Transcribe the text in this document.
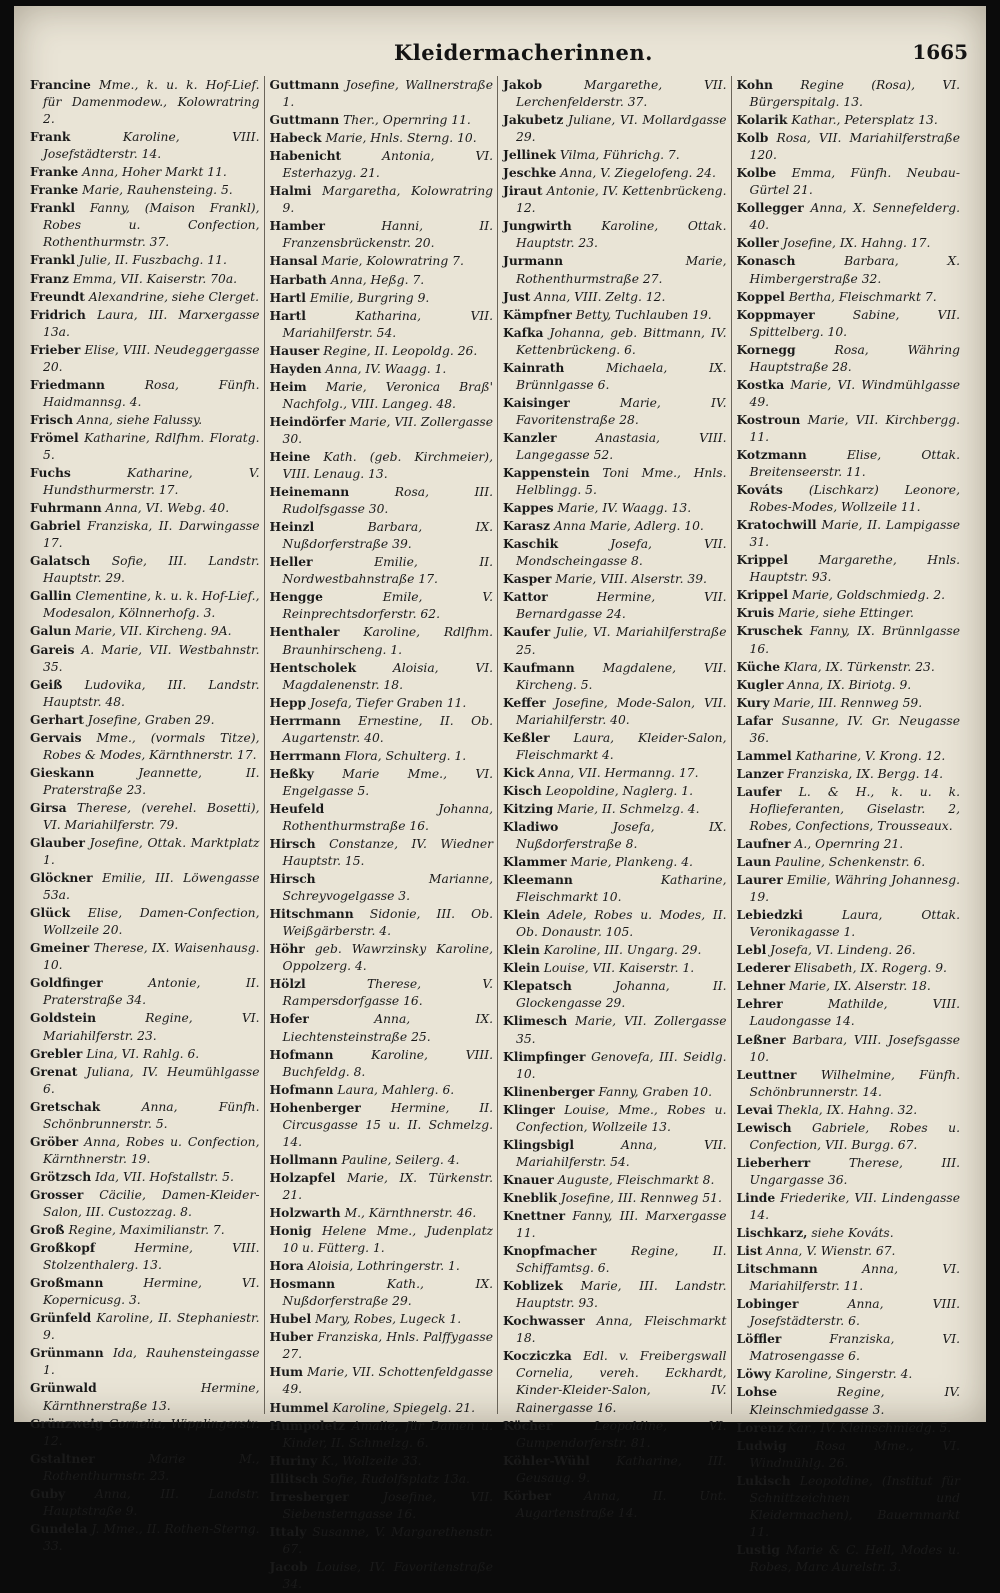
Kleidermacherinnen.	1665

Francine Mme., k. u. k. Hof-Lief. für Damenmodew., Kolowratring 2.

Frank	Karoline, VIII. Josefstädterstr. 14.

Franke Anna, Hoher Markt 11.

Franke Marie, Rauhensteing. 5.

Frankl Fanny, (Maison Frankl), Robes u. Confection, Rothenthurmstr. 37.

Frankl Julie, II. Fuszbachg. 11.

Franz Emma, VII. Kaiserstr. 70a.

Freundt Alexandrine, siehe Clerget.

Fridrich Laura, III. Marxergasse 13a.

Frieber Elise, VIII. Neudeggergasse 20.

Friedmann	Rosa, Fünfh. Haidmannsg. 4.

Frisch Anna, siehe Falussy.

Frömel Katharine, Rdlfhm. Floratg. 5.

Fuchs	Katharine, V. Hundsthurmerstr. 17.

Fuhrmann Anna, VI. Webg. 40.

Gabriel Franziska, II. Darwingasse 17.

Galatsch Sofie, III. Landstr. Hauptstr. 29.

Gallin Clementine, k. u. k. Hof-Lief., Modesalon, Kölnnerhofg. 3.

Galun Marie, VII. Kircheng. 9A.

Gareis A. Marie, VII. Westbahnstr. 35.

Geiß Ludovika, III. Landstr. Hauptstr. 48.

Gerhart Josefine, Graben 29.

Gervais Mme., (vormals Titze), Robes & Modes, Kärnthnerstr. 17.

Gieskann	Jeannette, II. Praterstraße 23.

Girsa Therese, (verehel. Bosetti), VI. Mariahilferstr. 79.

Glauber Josefine, Ottak. Marktplatz 1.

Glöckner Emilie, III. Löwengasse 53a.

Glück Elise, Damen-Confection, Wollzeile 20.

Gmeiner Therese, IX. Waisenhausg. 10.

Goldfinger	Antonie, II. Praterstraße 34.

Goldstein	Regine, VI. Mariahilferstr. 23.

Grebler Lina, VI. Rahlg. 6.

Grenat Juliana, IV. Heumühlgasse 6.

Gretschak	Anna, Fünfh. Schönbrunnerstr. 5.

Gröber Anna, Robes u. Confection, Kärnthnerstr. 19.

Grötzsch Ida, VII. Hofstallstr. 5.

Grosser Cäcilie, Damen-Kleider-Salon, III. Custozzag. 8.

Groß Regine, Maximilianstr. 7.

Großkopf	Hermine, VIII. Stolzenthalerg. 13.

Großmann	Hermine, VI. Kopernicusg. 3.

Grünfeld Karoline, II. Stephaniestr. 9.

Grünmann Ida, Rauhensteingasse 1.

Grünwald	Hermine, Kärnthnerstraße 13.

Grünzweig Cornelia, Wipplingerstr. 12.

Gstaltner	Marie M., Rothenthurmstr. 23.

Guby Anna, III. Landstr. Hauptstraße 9.

Gundela J. Mme., II. Rothen-Sterng. 33.

Guttmann Josefine, Wallnerstraße 1.

Guttmann Ther., Opernring 11.

Habeck Marie, Hnls. Sterng. 10.

Habenicht	Antonia, VI. Esterhazyg. 21.

Halmi Margaretha, Kolowratring 9.

Hamber	Hanni, II. Franzensbrückenstr. 20.

Hansal Marie, Kolowratring 7.

Harbath Anna, Heßg. 7.

Hartl Emilie, Burgring 9.

Hartl	Katharina, VII. Mariahilferstr. 54.

Hauser Regine, II. Leopoldg. 26.

Hayden Anna, IV. Waagg. 1.

Heim Marie, Veronica Braß' Nachfolg., VIII. Langeg. 48.

Heindörfer Marie, VII. Zollergasse 30.

Heine Kath. (geb. Kirchmeier), VIII. Lenaug. 13.

Heinemann	Rosa, III. Rudolfsgasse 30.

Heinzl	Barbara, IX. Nußdorferstraße 39.

Heller	Emilie, II. Nordwestbahnstraße 17.

Hengge	Emile, V. Reinprechtsdorferstr. 62.

Henthaler Karoline, Rdlfhm. Braunhirscheng. 1.

Hentscholek	Aloisia, VI. Magdalenenstr. 18.

Hepp Josefa, Tiefer Graben 11.

Herrmann Ernestine, II. Ob. Augartenstr. 40.

Herrmann Flora, Schulterg. 1.

Heßky Marie Mme., VI. Engelgasse 5.

Heufeld	Johanna, Rothenthurmstraße 16.

Hirsch Constanze, IV. Wiedner Hauptstr. 15.

Hirsch	Marianne, Schreyvogelgasse 3.

Hitschmann Sidonie, III. Ob. Weißgärberstr. 4.

Höhr geb. Wawrzinsky Karoline, Oppolzerg. 4.

Hölzl	Therese, V. Rampersdorfgasse 16.

Hofer	Anna, IX. Liechtensteinstraße 25.

Hofmann	Karoline, VIII. Buchfeldg. 8.

Hofmann Laura, Mahlerg. 6.

Hohenberger Hermine, II. Circusgasse 15 u. II. Schmelzg. 14.

Hollmann Pauline, Seilerg. 4.

Holzapfel Marie, IX. Türkenstr. 21.

Holzwarth M., Kärnthnerstr. 46.

Honig Helene Mme., Judenplatz 10 u. Fütterg. 1.

Hora Aloisia, Lothringerstr. 1.

Hosmann	Kath., IX. Nußdorferstraße 29.

Hubel Mary, Robes, Lugeck 1.

Huber Franziska, Hnls. Palffygasse 27.

Hum Marie, VII. Schottenfeldgasse 49.

Hummel Karoline, Spiegelg. 21.

Humpoletz Amalie, für Damen u. Kinder, II. Schmelzg. 6.

Huriny K., Wollzeile 33.

Illitsch Sofie, Rudolfsplatz 13a.

Irresberger	Josefine, VII. Siebensterngasse 16.

Ittaly Susanne, V. Margarethenstr. 67.

Jacob Louise, IV. Favoritenstraße 34.

Jakob	Margarethe, VII. Lerchenfelderstr. 37.

Jakubetz Juliane, VI. Mollardgasse 29.

Jellinek Vilma, Führichg. 7.

Jeschke Anna, V. Ziegelofeng. 24.

Jiraut Antonie, IV. Kettenbrückeng. 12.

Jungwirth Karoline, Ottak. Hauptstr. 23.

Jurmann	Marie, Rothenthurmstraße 27.

Just Anna, VIII. Zeltg. 12.

Kämpfner Betty, Tuchlauben 19.

Kafka Johanna, geb. Bittmann, IV. Kettenbrückeng. 6.

Kainrath	Michaela, IX. Brünnlgasse 6.

Kaisinger	Marie, IV. Favoritenstraße 28.

Kanzler	Anastasia, VIII. Langegasse 52.

Kappenstein Toni Mme., Hnls. Helblingg. 5.

Kappes Marie, IV. Waagg. 13.

Karasz Anna Marie, Adlerg. 10.

Kaschik	Josefa, VII. Mondscheingasse 8.

Kasper Marie, VIII. Alserstr. 39.

Kattor	Hermine, VII. Bernardgasse 24.

Kaufer Julie, VI. Mariahilferstraße 25.

Kaufmann Magdalene, VII. Kircheng. 5.

Keffer Josefine, Mode-Salon, VII. Mariahilferstr. 40.

Keßler Laura, Kleider-Salon, Fleischmarkt 4.

Kick Anna, VII. Hermanng. 17.

Kisch Leopoldine, Naglerg. 1.

Kitzing Marie, II. Schmelzg. 4.

Kladiwo	Josefa, IX. Nußdorferstraße 8.

Klammer Marie, Plankeng. 4.

Kleemann	Katharine, Fleischmarkt 10.

Klein Adele, Robes u. Modes, II. Ob. Donaustr. 105.

Klein Karoline, III. Ungarg. 29.

Klein Louise, VII. Kaiserstr. 1.

Klepatsch	Johanna, II. Glockengasse 29.

Klimesch Marie, VII. Zollergasse 35.

Klimpfinger Genovefa, III. Seidlg. 10.

Klinenberger Fanny, Graben 10.

Klinger Louise, Mme., Robes u. Confection, Wollzeile 13.

Klingsbigl	Anna, VII. Mariahilferstr. 54.

Knauer Auguste, Fleischmarkt 8.

Kneblik Josefine, III. Rennweg 51.

Knettner Fanny, III. Marxergasse 11.

Knopfmacher	Regine, II. Schiffamtsg. 6.

Koblizek Marie, III. Landstr. Hauptstr. 93.

Kochwasser Anna, Fleischmarkt 18.

Kocziczka Edl. v. Freibergswall Cornelia, vereh. Eckhardt, Kinder-Kleider-Salon, IV. Rainergasse 16.

Köcher	Leopoldine, VI. Gumpendorferstr. 81.

Köhler-Wühl Katharine, III. Geusaug. 9.

Körber	Anna, II. Unt. Augartenstraße 14.

Kohn Regine (Rosa), VI. Bürgerspitalg. 13.

Kolarik Kathar., Petersplatz 13.

Kolb Rosa, VII. Mariahilferstraße 120.

Kolbe Emma, Fünfh. Neubau-Gürtel 21.

Kollegger Anna, X. Sennefelderg. 40.

Koller Josefine, IX. Hahng. 17.

Konasch	Barbara, X. Himbergerstraße 32.

Koppel Bertha, Fleischmarkt 7.

Koppmayer	Sabine, VII. Spittelberg. 10.

Kornegg	Rosa, Währing Hauptstraße 28.

Kostka Marie, VI. Windmühlgasse 49.

Kostroun Marie, VII. Kirchbergg. 11.

Kotzmann	Elise, Ottak. Breitenseerstr. 11.

Kováts (Lischkarz) Leonore, Robes-Modes, Wollzeile 11.

Kratochwill Marie, II. Lampigasse 31.

Krippel Margarethe, Hnls. Hauptstr. 93.

Krippel Marie, Goldschmiedg. 2.

Kruis Marie, siehe Ettinger.

Kruschek Fanny, IX. Brünnlgasse 16.

Küche Klara, IX. Türkenstr. 23.

Kugler Anna, IX. Biriotg. 9.

Kury Marie, III. Rennweg 59.

Lafar Susanne, IV. Gr. Neugasse 36.

Lammel Katharine, V. Krong. 12.

Lanzer Franziska, IX. Bergg. 14.

Laufer L. & H., k. u. k. Hoflieferanten, Giselastr. 2, Robes, Confections, Trousseaux.

Laufner A., Opernring 21.

Laun Pauline, Schenkenstr. 6.

Laurer Emilie, Währing Johannesg. 19.

Lebiedzki	Laura, Ottak. Veronikagasse 1.

Lebl Josefa, VI. Lindeng. 26.

Lederer Elisabeth, IX. Rogerg. 9.

Lehner Marie, IX. Alserstr. 18.

Lehrer	Mathilde, VIII. Laudongasse 14.

Leßner Barbara, VIII. Josefsgasse 10.

Leuttner Wilhelmine, Fünfh. Schönbrunnerstr. 14.

Levai Thekla, IX. Hahng. 32.

Lewisch Gabriele, Robes u. Confection, VII. Burgg. 67.

Lieberherr	Therese, III. Ungargasse 36.

Linde Friederike, VII. Lindengasse 14.

Lischkarz, siehe Kováts.

List Anna, V. Wienstr. 67.

Litschmann	Anna, VI. Mariahilferstr. 11.

Lobinger	Anna, VIII. Josefstädterstr. 6.

Löffler	Franziska, VI. Matrosengasse 6.

Löwy Karoline, Singerstr. 4.

Lohse	Regine, IV. Kleinschmiedgasse 3.

Lorenz Kar., IV. Kleinschmiedg. 5.

Ludwig Rosa Mme., VI. Windmühlg. 26.

Lukisch Leopoldine, (Institut für Schnittzeichnen und Kleidermachen), Bauernmarkt 11.

Lustig Marie & C. Hell, Modes u. Robes, Marc Aurelstr. 3.
